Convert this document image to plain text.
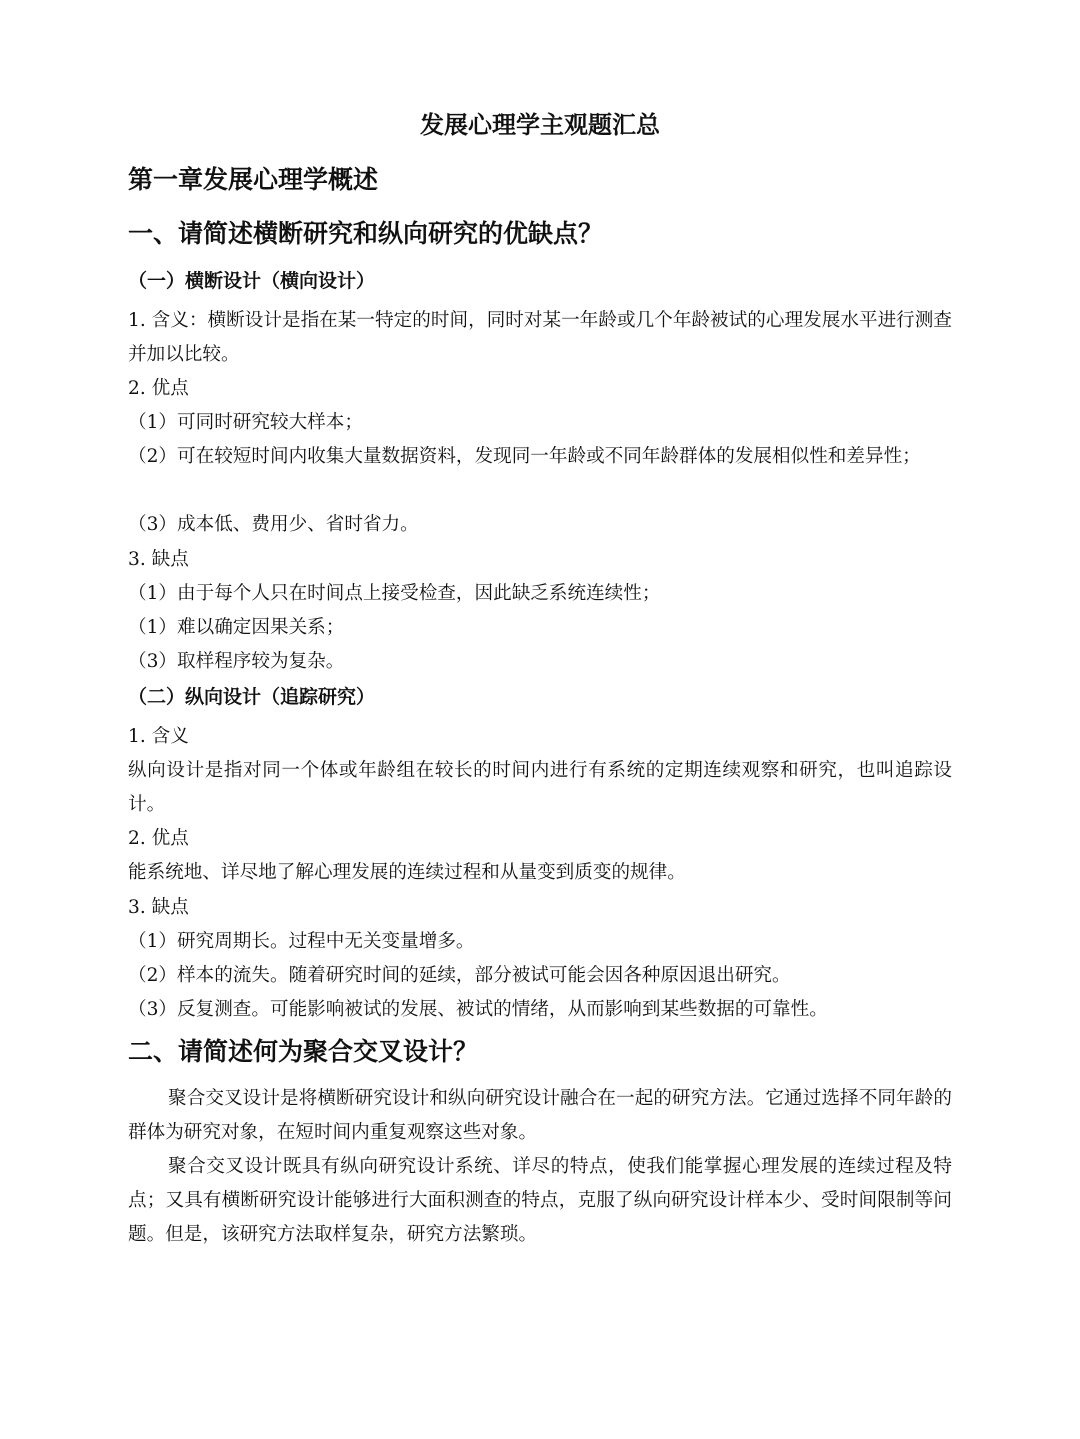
发展心理学主观题汇总
第一章发展心理学概述
一、请简述横断研究和纵向研究的优缺点？
（一）横断设计（横向设计）
1. 含义：横断设计是指在某一特定的时间，同时对某一年龄或几个年龄被试的心理发展水平进行测查并加以比较。
2. 优点
（1）可同时研究较大样本；
（2）可在较短时间内收集大量数据资料，发现同一年龄或不同年龄群体的发展相似性和差异性；
（3）成本低、费用少、省时省力。
3. 缺点
（1）由于每个人只在时间点上接受检查，因此缺乏系统连续性；
（1）难以确定因果关系；
（3）取样程序较为复杂。
（二）纵向设计（追踪研究）
1. 含义
纵向设计是指对同一个体或年龄组在较长的时间内进行有系统的定期连续观察和研究，也叫追踪设计。
2. 优点
能系统地、详尽地了解心理发展的连续过程和从量变到质变的规律。
3. 缺点
（1）研究周期长。过程中无关变量增多。
（2）样本的流失。随着研究时间的延续，部分被试可能会因各种原因退出研究。
（3）反复测查。可能影响被试的发展、被试的情绪，从而影响到某些数据的可靠性。
二、请简述何为聚合交叉设计？
聚合交叉设计是将横断研究设计和纵向研究设计融合在一起的研究方法。它通过选择不同年龄的群体为研究对象，在短时间内重复观察这些对象。
聚合交叉设计既具有纵向研究设计系统、详尽的特点，使我们能掌握心理发展的连续过程及特点；又具有横断研究设计能够进行大面积测查的特点，克服了纵向研究设计样本少、受时间限制等问题。但是，该研究方法取样复杂，研究方法繁琐。
